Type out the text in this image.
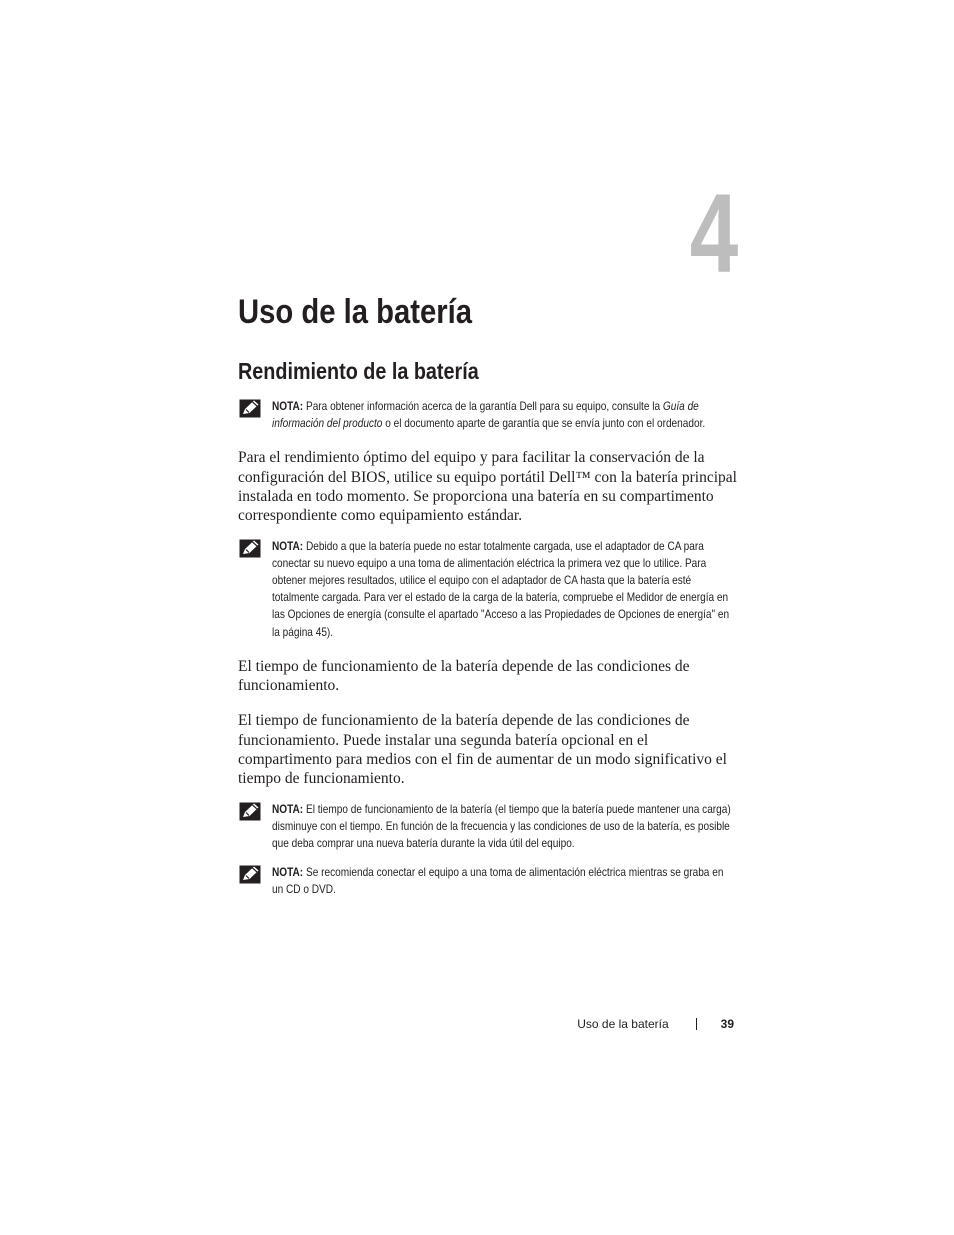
4
Uso de la batería
Rendimiento de la batería
NOTA: Para obtener información acerca de la garantía Dell para su equipo, consulte la Guía de información del producto o el documento aparte de garantía que se envía junto con el ordenador.

Para el rendimiento óptimo del equipo y para facilitar la conservación de la configuración del BIOS, utilice su equipo portátil Dell™ con la batería principal instalada en todo momento. Se proporciona una batería en su compartimento correspondiente como equipamiento estándar.

NOTA: Debido a que la batería puede no estar totalmente cargada, use el adaptador de CA para conectar su nuevo equipo a una toma de alimentación eléctrica la primera vez que lo utilice. Para obtener mejores resultados, utilice el equipo con el adaptador de CA hasta que la batería esté totalmente cargada. Para ver el estado de la carga de la batería, compruebe el Medidor de energía en las Opciones de energía (consulte el apartado "Acceso a las Propiedades de Opciones de energía" en la página 45).

El tiempo de funcionamiento de la batería depende de las condiciones de funcionamiento.

El tiempo de funcionamiento de la batería depende de las condiciones de funcionamiento. Puede instalar una segunda batería opcional en el compartimento para medios con el fin de aumentar de un modo significativo el tiempo de funcionamiento.

NOTA: El tiempo de funcionamiento de la batería (el tiempo que la batería puede mantener una carga) disminuye con el tiempo. En función de la frecuencia y las condiciones de uso de la batería, es posible que deba comprar una nueva batería durante la vida útil del equipo.
NOTA: Se recomienda conectar el equipo a una toma de alimentación eléctrica mientras se graba en un CD o DVD.
Uso de la batería	39
